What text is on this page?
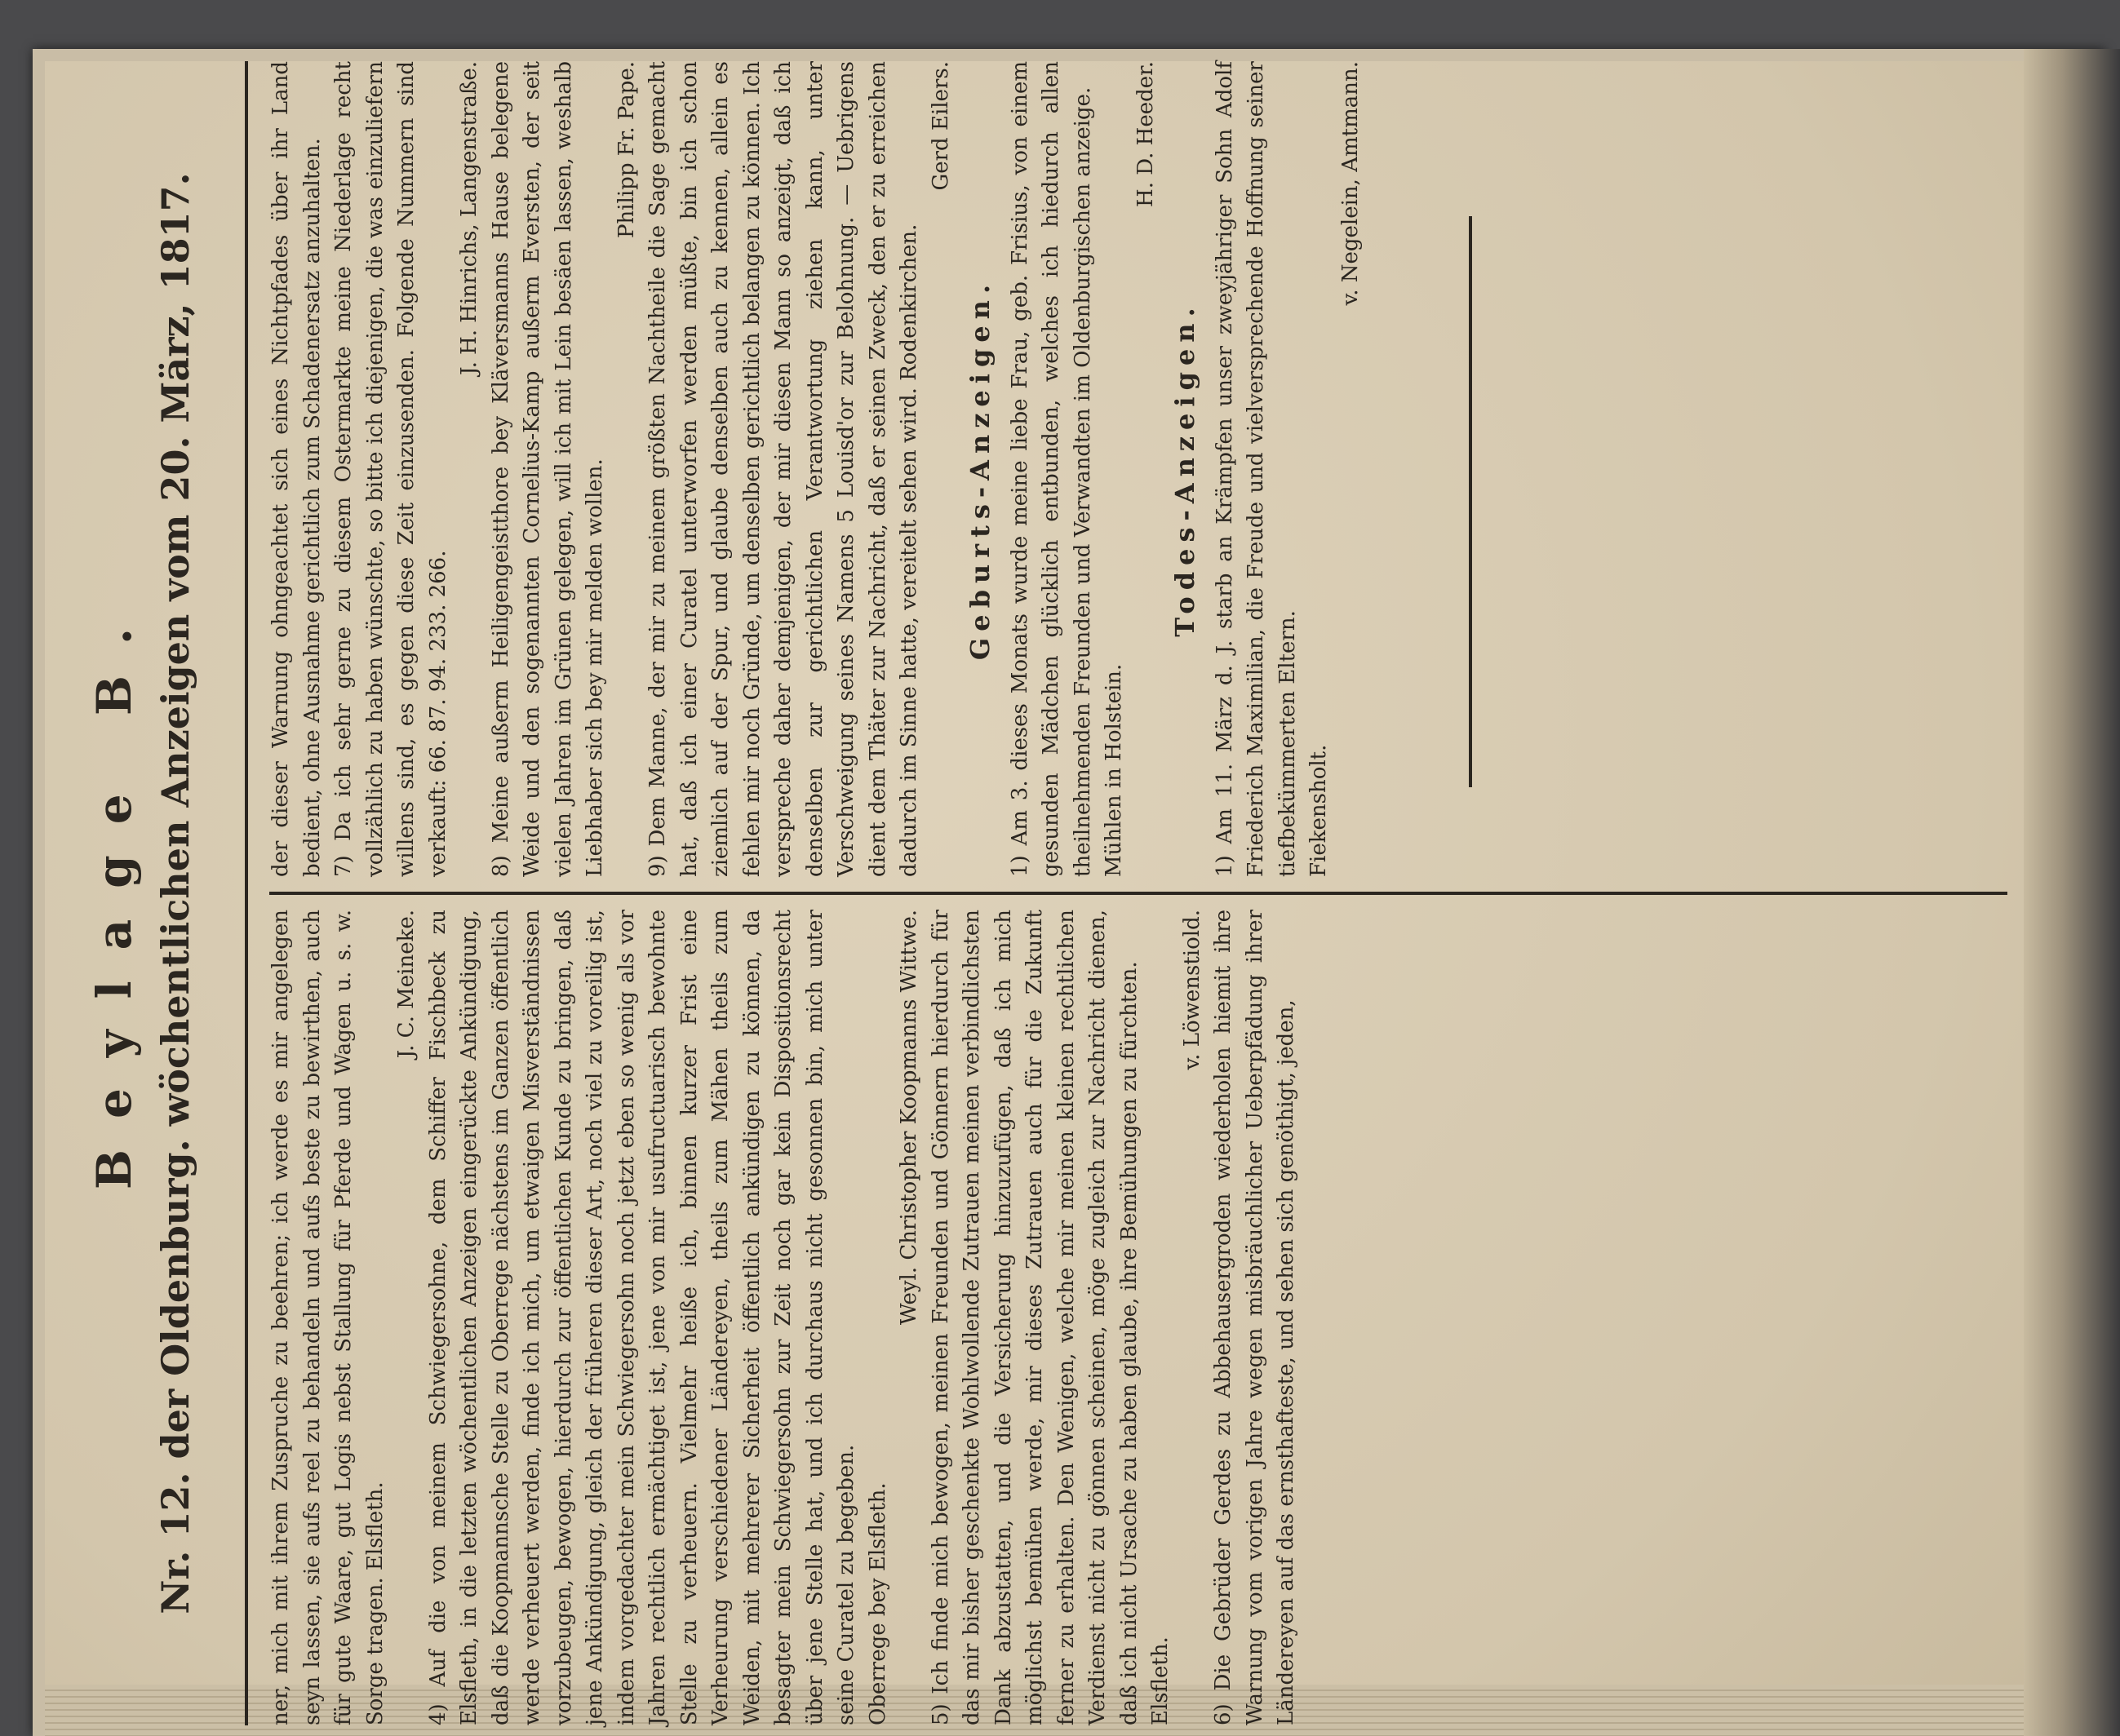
Beylage B. Nr. 12. der Oldenburg. wöchentlichen Anzeigen vom 20. März, 1817.	ner, mich mit ihrem Zuspruche zu beehren; ich werde es mir angelegen seyn lassen, sie aufs reel zu behandeln und aufs beste zu bewirthen, auch für gute Waare, gut Logis nebst Stallung für Pferde und Wagen u. s. w. Sorge tragen. Elsfleth.

J. C. Meineke. 4) Auf die von meinem Schwiegersohne, dem Schiffer Fischbeck zu Elsfleth, in die letzten wöchentlichen Anzeigen eingerückte Ankündigung, daß die Koopmannsche Stelle zu Oberrege nächstens im Ganzen öffentlich werde verheuert werden, finde ich mich, um etwaigen Misverständnissen vorzubeugen, bewogen, hierdurch zur öffentlichen Kunde zu bringen, daß jene Ankündigung, gleich der früheren dieser Art, noch viel zu voreilig ist, indem vorgedachter mein Schwiegersohn noch jetzt eben so wenig als vor Jahren rechtlich ermächtiget ist, jene von mir usufructuarisch bewohnte Stelle zu verheuern. Vielmehr heiße ich, binnen kurzer Frist eine Verheurung verschiedener Ländereyen, theils zum Mähen theils zum Weiden, mit mehrerer Sicherheit öffentlich ankündigen zu können, da besagter mein Schwiegersohn zur Zeit noch gar kein Dispositionsrecht über jene Stelle hat, und ich durchaus nicht gesonnen bin, mich unter seine Curatel zu begeben. Oberrege bey Elsfleth.

Weyl. Christopher Koopmanns Wittwe. 5) Ich finde mich bewogen, meinen Freunden und Gönnern hierdurch für das mir bisher geschenkte Wohlwollende Zutrauen meinen verbindlichsten Dank abzustatten, und die Versicherung hinzuzufügen, daß ich mich möglichst bemühen werde, mir dieses Zutrauen auch für die Zukunft ferner zu erhalten. Den Wenigen, welche mir meinen kleinen rechtlichen Verdienst nicht zu gönnen scheinen, möge zugleich zur Nachricht dienen, daß ich nicht Ursache zu haben glaube, ihre Bemühungen zu fürchten. Elsfleth.

v. Löwenstiold. 6) Die Gebrüder Gerdes zu Abbehausergroden wiederholen hiemit ihre Warnung vom vorigen Jahre wegen misbräuchlicher Ueberpfädung ihrer Ländereyen auf das ernsthafteste, und sehen sich genöthigt, jeden,

der dieser Warnung ohngeachtet sich eines Nichtpfades über ihr Land bedient, ohne Ausnahme gerichtlich zum Schadenersatz anzuhalten. 7) Da ich sehr gerne zu diesem Ostermarkte meine Niederlage recht vollzählich zu haben wünschte, so bitte ich diejenigen, die was einzuliefern willens sind, es gegen diese Zeit einzusenden. Folgende Nummern sind verkauft: 66. 87. 94. 233. 266.

J. H. Hinrichs, Langenstraße. 8) Meine außerm Heiligengeistthore bey Kläversmanns Hause belegene Weide und den sogenannten Cornelius-Kamp außerm Eversten, der seit vielen Jahren im Grünen gelegen, will ich mit Lein besäen lassen, weshalb Liebhaber sich bey mir melden wollen.

Philipp Fr. Pape. 9) Dem Manne, der mir zu meinem größten Nachtheile die Sage gemacht hat, daß ich einer Curatel unterworfen werden müßte, bin ich schon ziemlich auf der Spur, und glaube denselben auch zu kennen, allein es fehlen mir noch Gründe, um denselben gerichtlich belangen zu können. Ich verspreche daher demjenigen, der mir diesen Mann so anzeigt, daß ich denselben zur gerichtlichen Verantwortung ziehen kann, unter Verschweigung seines Namens 5 Louisd'or zur Belohnung. — Uebrigens dient dem Thäter zur Nachricht, daß er seinen Zweck, den er zu erreichen dadurch im Sinne hatte, vereitelt sehen wird. Rodenkirchen.

Gerd Eilers.

Geburts-Anzeigen. 1) Am 3. dieses Monats wurde meine liebe Frau, geb. Frisius, von einem gesunden Mädchen glücklich entbunden, welches ich hiedurch allen theilnehmenden Freunden und Verwandten im Oldenburgischen anzeige. Mühlen in Holstein.

H. D. Heeder.

Todes-Anzeigen. 1) Am 11. März d. J. starb an Krämpfen unser zweyjähriger Sohn Adolf Friederich Maximilian, die Freude und vielversprechende Hoffnung seiner tiefbekümmerten Eltern. Fiekensholt.

v. Negelein, Amtmann.
